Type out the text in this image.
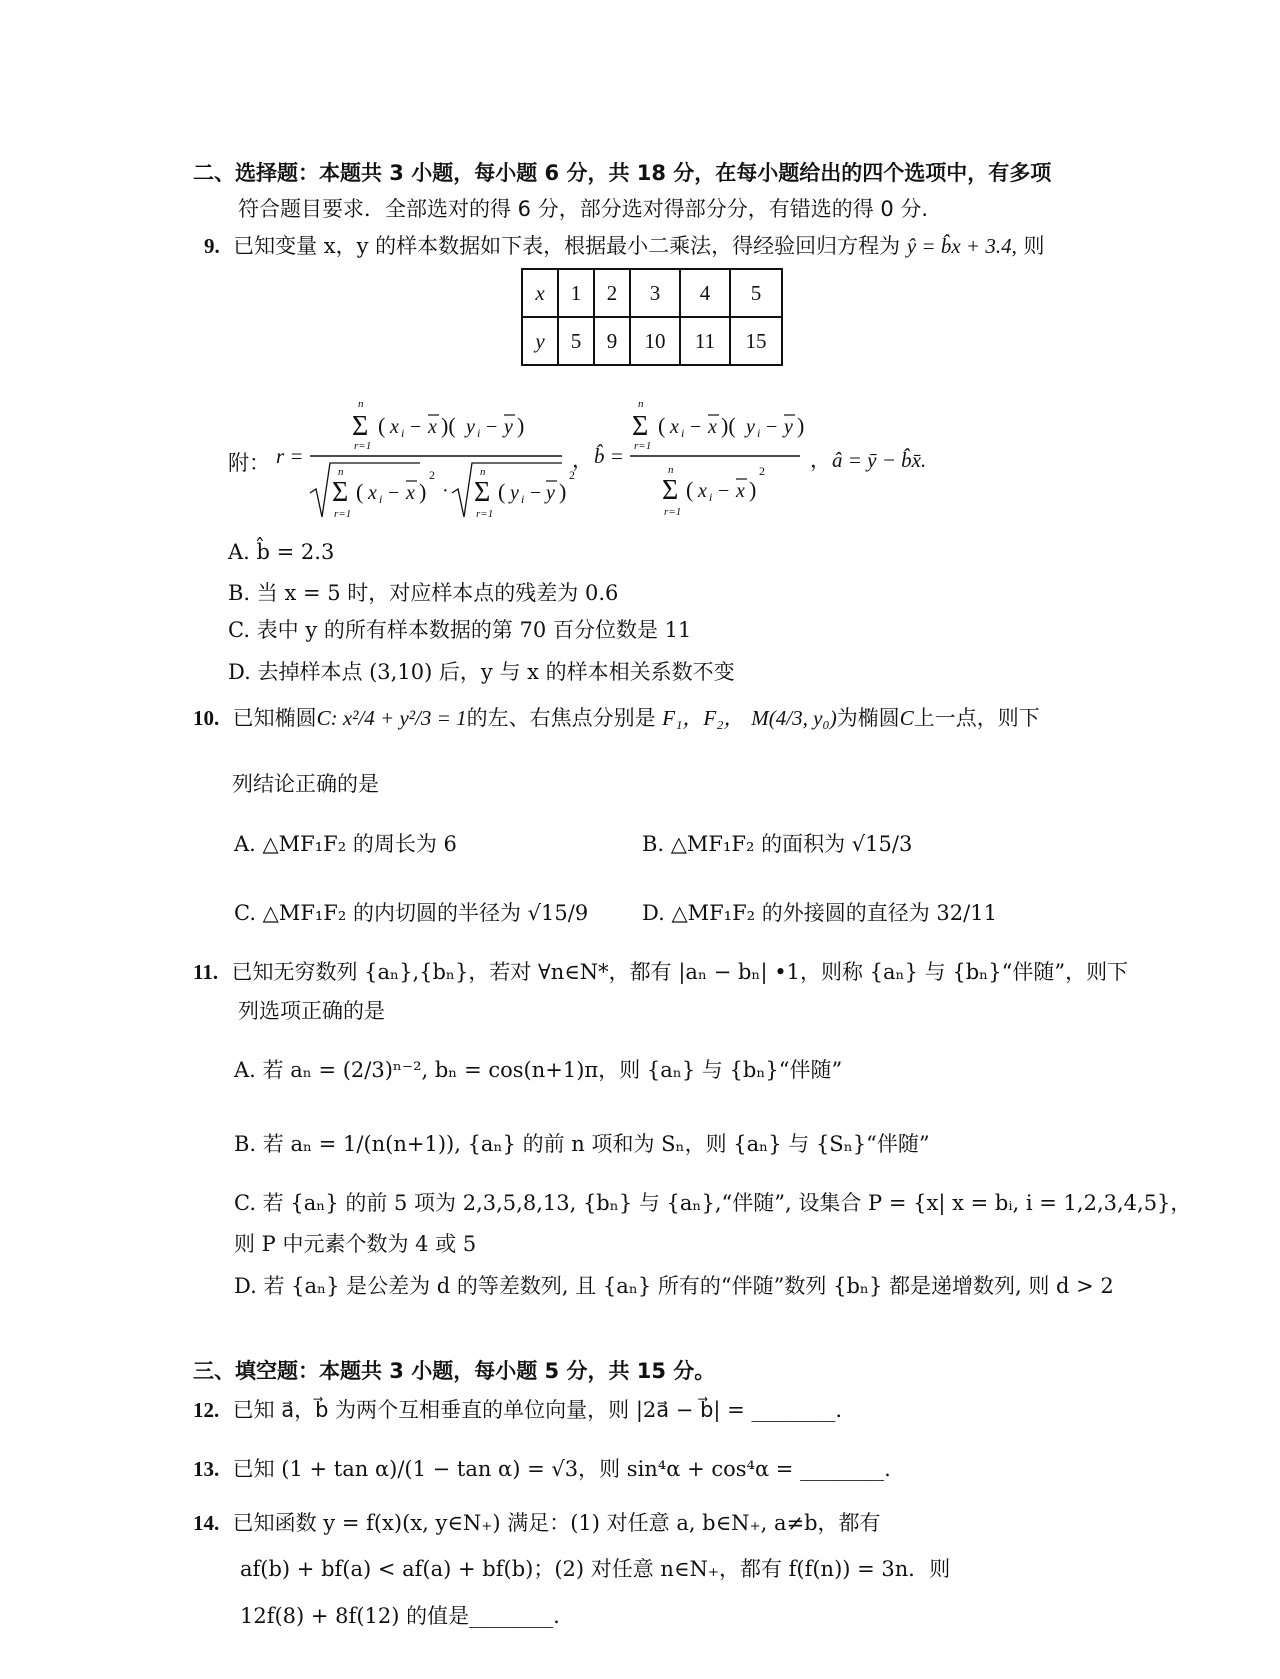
二、选择题：本题共 3 小题，每小题 6 分，共 18 分，在每小题给出的四个选项中，有多项
符合题目要求．全部选对的得 6 分，部分选对得部分分，有错选的得 0 分.
9. 已知变量 x，y 的样本数据如下表，根据最小二乘法，得经验回归方程为 ŷ = b̂x + 3.4, 则
x	1	2	3	4	5
y	5	9	10	11	15
附： r =
Σ
n
r=1
( x i − x )( y i − y )
Σ
n
r=1
( x i − x )
2
· Σ
n
r=1
( y i − y )
2
， b̂ =
Σ
n
r=1
( x i − x )( y i − y )
Σ
n
r=1
( x i − x )
2 ， â = ȳ − b̂x̄.
A. b̂ = 2.3
B. 当 x = 5 时，对应样本点的残差为 0.6
C. 表中 y 的所有样本数据的第 70 百分位数是 11
D. 去掉样本点 (3,10) 后，y 与 x 的样本相关系数不变
10. 已知椭圆C: x²/4 + y²/3 = 1的左、右焦点分别是 F₁，F₂， M(4/3, y₀)为椭圆C上一点，则下
列结论正确的是
A. △MF₁F₂ 的周长为 6	B. △MF₁F₂ 的面积为 √15/3
C. △MF₁F₂ 的内切圆的半径为 √15/9	D. △MF₁F₂ 的外接圆的直径为 32/11
11. 已知无穷数列 {aₙ},{bₙ}，若对 ∀n∈N*，都有 |aₙ − bₙ| •1，则称 {aₙ} 与 {bₙ}“伴随”，则下
列选项正确的是
A. 若 aₙ = (2/3)ⁿ⁻², bₙ = cos(n+1)π，则 {aₙ} 与 {bₙ}“伴随”
B. 若 aₙ = 1/(n(n+1)), {aₙ} 的前 n 项和为 Sₙ，则 {aₙ} 与 {Sₙ}“伴随”
C. 若 {aₙ} 的前 5 项为 2,3,5,8,13, {bₙ} 与 {aₙ},“伴随”, 设集合 P = {x| x = bᵢ, i = 1,2,3,4,5}，
则 P 中元素个数为 4 或 5
D. 若 {aₙ} 是公差为 d 的等差数列, 且 {aₙ} 所有的“伴随”数列 {bₙ} 都是递增数列, 则 d > 2
三、填空题：本题共 3 小题，每小题 5 分，共 15 分。
12. 已知 a⃗，b⃗ 为两个互相垂直的单位向量，则 |2a⃗ − b⃗| = ________.
13. 已知 (1 + tan α)/(1 − tan α) = √3，则 sin⁴α + cos⁴α = ________.
14. 已知函数 y = f(x)(x, y∈N₊) 满足：(1) 对任意 a, b∈N₊, a≠b，都有
af(b) + bf(a) < af(a) + bf(b)；(2) 对任意 n∈N₊，都有 f(f(n)) = 3n．则
12f(8) + 8f(12) 的值是________.
